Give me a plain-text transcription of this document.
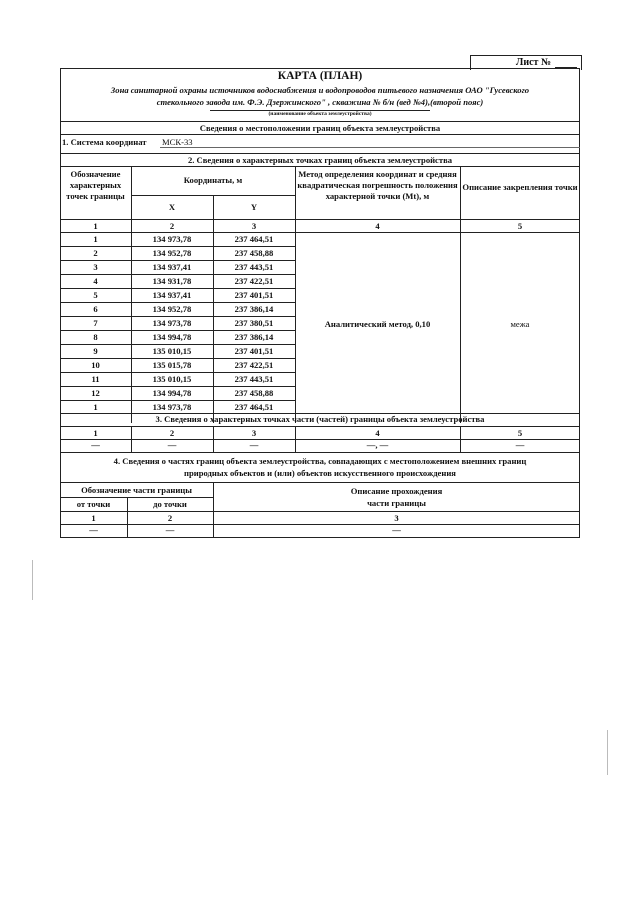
Лист №
КАРТА (ПЛАН)
Зона санитарной охраны источников водоснабжения и водопроводов питьевого назначения ОАО "Гусевского
стекольного завода им. Ф.Э. Дзержинского" , скважина № б/н (вед №4),(второй пояс)
(наименование объекта землеустройства)
Сведения о местоположении границ объекта землеустройства
1. Система координат	МСК-33
2. Сведения о характерных точках границ объекта землеустройства
Обозначение характерных точек границы
Координаты, м
X	Y
Метод определения координат и средняя квадратическая погрешность положения характерной точки (Mt), м
Описание закрепления точки
1	2	3	4	5
1	134 973,78	237 464,51
2	134 952,78	237 458,88
3	134 937,41	237 443,51
4	134 931,78	237 422,51
5	134 937,41	237 401,51
6	134 952,78	237 386,14
7	134 973,78	237 380,51
8	134 994,78	237 386,14
9	135 010,15	237 401,51
10	135 015,78	237 422,51
11	135 010,15	237 443,51
12	134 994,78	237 458,88
1	134 973,78	237 464,51
Аналитический метод, 0,10	межа
3. Сведения о характерных точках части (частей) границы объекта землеустройства
1	2	3	4	5
—	—	—	—, —	—
4. Сведения о частях границ объекта землеустройства, совпадающих с местоположением внешних границ
природных объектов и (или) объектов искусственного происхождения
Обозначение части границы
от точки	до точки
Описание прохождения
части границы
1	2	3
—	—	—
